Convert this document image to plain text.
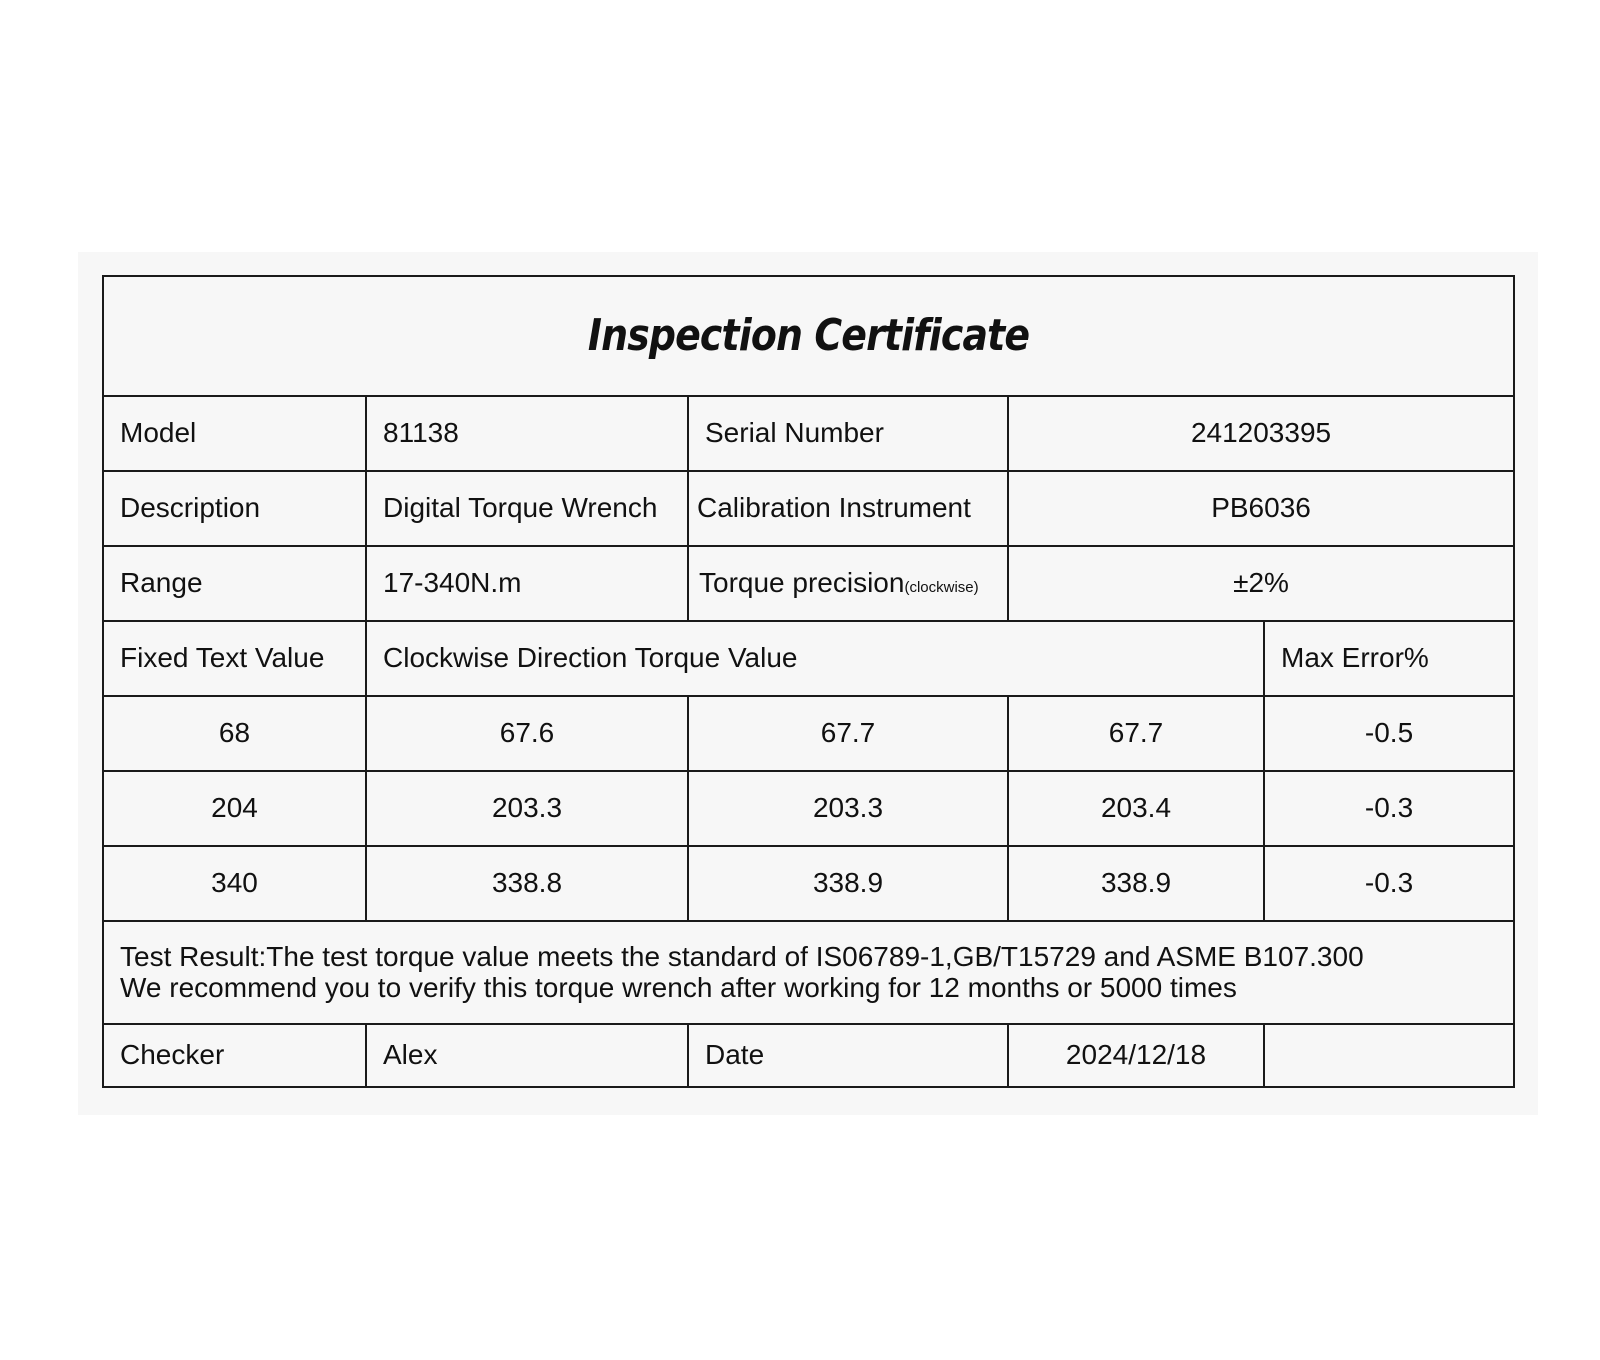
Inspection Certificate				
Model	81138	Serial Number	241203395	
Description	Digital Torque Wrench	Calibration Instrument	PB6036	
Range	17-340N.m	Torque precision(clockwise)	±2%	
Fixed Text Value	Clockwise Direction Torque Value			Max Error%
68	67.6	67.7	67.7	-0.5
204	203.3	203.3	203.4	-0.3
340	338.8	338.9	338.9	-0.3

Test Result:The test torque value meets the standard of IS06789-1,GB/T15729 and ASME B107.300
We recommend you to verify this torque wrench after working for 12 months or 5000 times				

Checker	Alex	Date	2024/12/18	
